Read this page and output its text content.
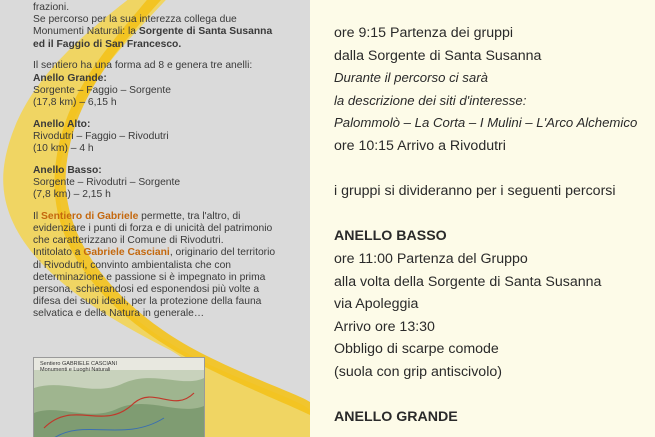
frazioni.

Se percorso per la sua interezza collega due

Monumenti Naturali: la Sorgente di Santa Susanna

ed il Faggio di San Francesco.

Il sentiero ha una forma ad 8 e genera tre anelli:

Anello Grande:

Sorgente – Faggio – Sorgente

(17,8 km) – 6,15 h

Anello Alto:

Rivodutri – Faggio – Rivodutri

(10 km) – 4 h

Anello Basso:

Sorgente – Rivodutri – Sorgente

(7,8 km) – 2,15 h

Il Sentiero di Gabriele permette, tra l'altro, di

evidenziare i punti di forza e di unicità del patrimonio

che caratterizzano il Comune di Rivodutri.

Intitolato a Gabriele Casciani, originario del territorio

di Rivodutri, convinto ambientalista che con

determinazione e passione si è impegnato in prima

persona, schierandosi ed esponendosi più volte a

difesa dei suoi ideali, per la protezione della fauna

selvatica e della Natura in generale…

Sentiero GABRIELE CASCIANI
Monumenti e Luoghi Naturali

ore 9:15 Partenza dei gruppi

dalla Sorgente di Santa Susanna

Durante il percorso ci sarà

la descrizione dei siti d'interesse:

Palommolò – La Corta – I Mulini – L'Arco Alchemico

ore 10:15 Arrivo a Rivodutri

i gruppi si divideranno per i seguenti percorsi

ANELLO BASSO

ore 11:00 Partenza del Gruppo

alla volta della Sorgente di Santa Susanna

via Apoleggia

Arrivo ore 13:30

Obbligo di scarpe comode

(suola con grip antiscivolo)

ANELLO GRANDE
